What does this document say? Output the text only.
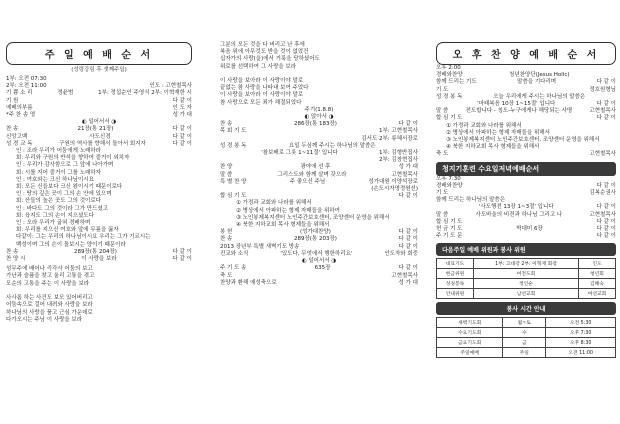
주 일 예 배 순 서
(성령강림 후 셋째주일)
1부: 오전 07:30
2부: 오전 11:00	인도 : 고현철목사
기 쁨 소 리	정윤범	1부: 정섭순인 주영식 2부: 이혁재한 시
기 원	다 같 이
예배의부름	인 도 자
*주 찬 송 영	성 가 대
◐ 일어서서 ◑
찬 송	21장(통 21장)	다 같 이
신앙고백	사도신경	다 같 이
성 경 교 독	구원의 역사를 향해서 돌아서 회지자	다 같 이
인 : 조라 우리가 어둠에게 노래하라
회: 우리와 구원의 반석을 향하여 즐거이 외치자
인 : 우리가 감사함으로 그 앞에 나아가며
회: 시를 지어 즐거이 그를 노래하자
인 : 여호와는 크신 하나님이시요
회: 모든 신들보다 크신 왕이시기 때문이로다
인 : 땅의 깊은 곳이 그의 손 안에 있으며
회: 산들의 높은 곳도 그의 것이로다
인 : 바다도 그의 것이라 그가 만드셨고
회: 육지도 그의 손이 지으셨도다
인 : 오라 우리가 굽혀 경배하며
회: 우리를 지으신 여호와 앞에 무릎을 꿇자
다같이: 그는 우리의 하나님이시요 우리는 그가 기르시는
백성이며 그의 손이 돌보시는 양이기 때문이라
찬 송	289장(통 204장)	다 같 이
찬 양 시	이 사랑을 보라	다 같 이
성무주에 배어나 즉각사 어둠의 보고
가난과 슬픔을 찾고 울리 고통을 겪고
모순의 고통을 주는 이 사랑을 보라

사사롬 하는 사건도 보모 있어버리고
어둠속으로 걸어 내려와 사랑을 보라
하나님의 사랑을 품고 근심 가운데로
다가오시는 주님 이 사랑을 보라
그분의 모든 것을 다 버리고 난 후에
복음 위에 아무것도 받을 것이 없었건
십자가의 사랑(을)에서 거룩을 당하셨어도
위로를 선택하여 그 사랑을 보라

이 사랑을 보아라 이 사랑이야 말로
끝없는 참 사랑을 나타내 보여 주었다
이 사랑을 보아라 이 사랑이야 말로
참 사랑으로 모든 죄가 해결되었다
주기(1.8.8)
◐ 앉아서 ◑
찬 송	286장(통 183장)	다 같 이
목 회 기 도	1부: 고현철목사
김서도 2부: 류혜서장로
성 경 봉 독	요일 두심께 주시는 하나님의 말씀은
'참보배로 그릇 1~11절' 입니다	1부: 김형반집사
2부: 김창현집사
찬 양	광야에 선 후	성 가 대
말 씀	그리스도와 함께 살며 갖으라	고현철목사
특 별 찬 양	주 좋으신 주님	성가대원 이양석장로
(손도시자영정원선)
합 심 기 도	다 같 이
① 가정과 교회와 나라를 위해서
② 병상에서 아파하는 형제 자매들을 위하여
③ 노인봉제복지센터 노인주간보호센터, 조양센터 운영을 위해서
④ 북한 지하교회 목사 형제들을 위해서
봉 헌	(성가대찬양)	다 같 이
찬 송	289장(통 203장)	다 같 이
2013 장년부 특별 새벽기도 방송	다 같 이
진교와 소식	'있도다, 무엇에서 행한하리요'	인도자와 회중
◐ 일어서서 ◑
주 기 도 송	635장	다 같 이
축 도	고현철목사
찬양과 환해 예성축으로	성 가 대
오 후 찬 양 예 배 순 서
오후 2:00
경배와찬양	청년찬양단(Jesus Holic)
함께 드리는 기도	말씀을 기다리며	다 같 이
기 도	정호원형님
성 경 봉 독	오늘 우리에게 주시는 하나님의 말씀은
'마태복음 10장 1~15절' 입니다	다 같 이
말 씀	전도합니다 - 칭도-누구에게나 해당되는 사명	고현철목사
합 심 기 도	다 같 이
① 가정과 교회와 나라를 위해서
② 병상에서 아파하는 형제 자매들을 위해서
③ 노인봉제복지센터 노인주간보호센터, 조양센터 운영을 위해서
④ 북한 지하교회 목사 형제들을 위해서
축 도	고현철목사
청지기훈련 수요일저녁예배순서
오후 7:30
경배와찬양	다 같 이
기 도	김복순권사
함께 드리는 하나님의 말씀은
'사도행전 13장 1~3절' 입니다	다 같 이
말 씀	사도바울의 비젼과 하나님 그리고 나	고현철목사
합 심 기 도	다 같 이
헌 금 기 도	박대미 6장	다 같 이
주 기 도 문	다 같 이
다음주일 예배 위원과 봉사 위원
대표기도	1부: 고대강 2부: 이혁재 회장	인도
헌금위원	여전도회	청년회
성경봉독	정인순	김혜숙
안내위원	남선교회	여선교회
봉사 시간 안내
새벽기도회	월~토	오전 5:30
수요기도회	수	오후 7:30
금요기도회	금	오후 8:30
주일예배	주일	오전 11:00
